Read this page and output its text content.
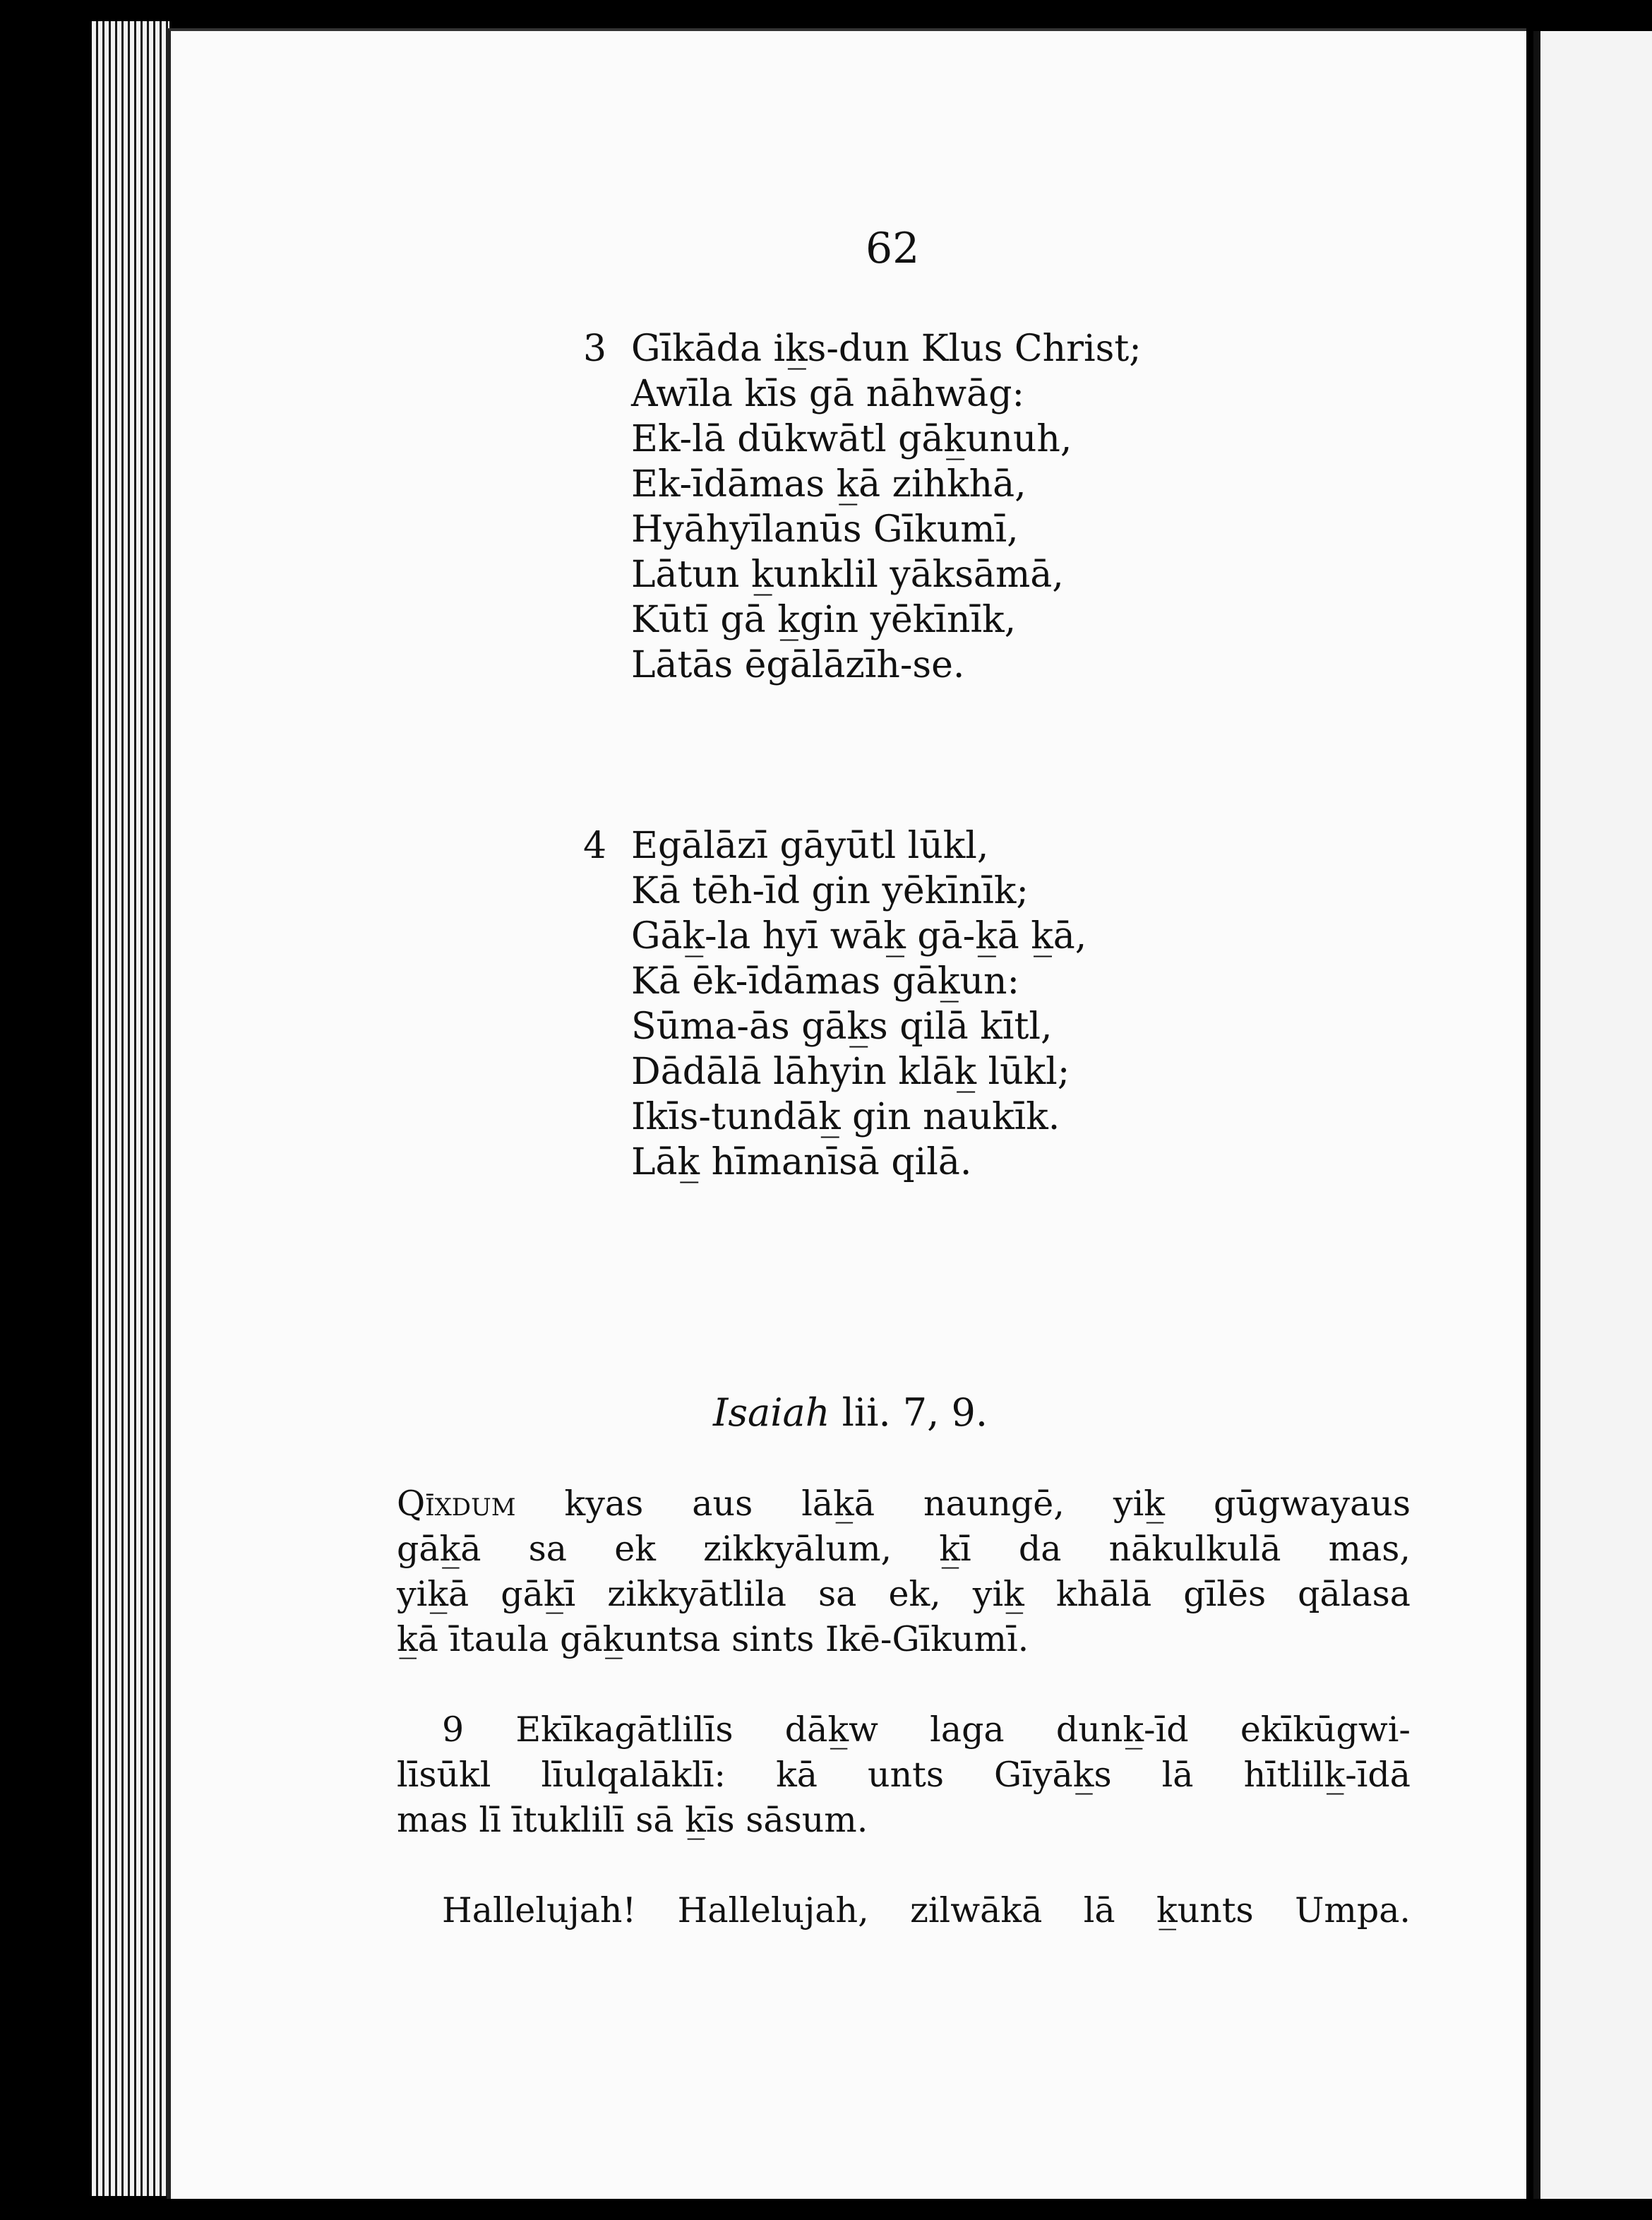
62
3 Gīkāda ik̲s-dun Klus Christ;
Awīla kīs gā nāhwāg:
Ek-lā dūkwātl gāk̲unuh,
Ek-īdāmas k̲ā zihkhā,
Hyāhyīlanūs Gīkumī,
Lātun k̲unklil yāksāmā,
Kūtī gā k̲gin yēkīnīk,
Lātās ēgālāzīh-se.
4 Egālāzī gāyūtl lūkl,
Kā tēh-īd gin yēkīnīk;
Gāk̲-la hyī wāk̲ gā-k̲ā k̲ā,
Kā ēk-īdāmas gāk̲un:
Sūma-ās gāk̲s qilā kītl,
Dādālā lāhyin klāk̲ lūkl;
Ikīs-tundāk̲ gin naukīk.
Lāk̲ hīmanīsā qilā.
Isaiah lii. 7, 9.
Qīxdum kyas aus lāk̲ā naungē, yik̲ gūgwayaus
gāk̲ā sa ek zikkyālum, k̲ī da nākulkulā mas,
yik̲ā gāk̲ī zikkyātlila sa ek, yik̲ khālā gīlēs qālasa
k̲ā ītaula gāk̲untsa sints Ikē-Gīkumī.
9 Ekīkagātlilīs dāk̲w laga dunk̲-īd ekīkūgwi-
līsūkl līulqalāklī: kā unts Gīyāk̲s lā hītlilk̲-īdā
mas lī ītuklilī sā k̲īs sāsum.
Hallelujah! Hallelujah, zilwākā lā k̲unts Umpa.
